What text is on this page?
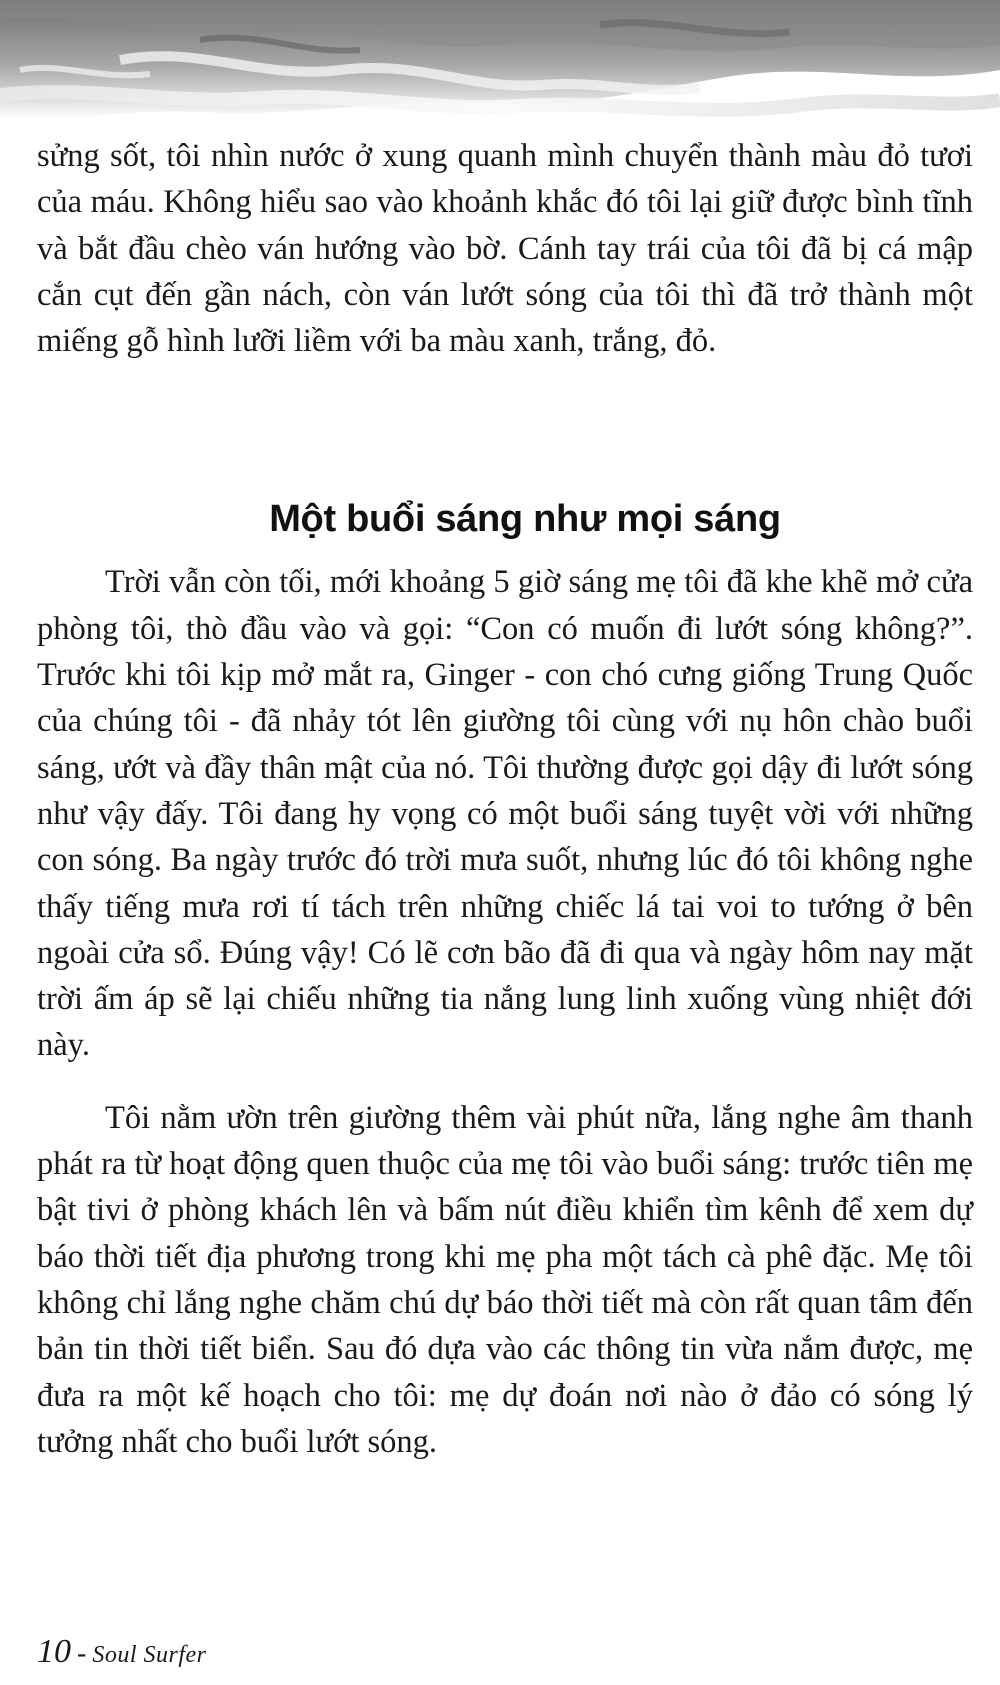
sửng sốt, tôi nhìn nước ở xung quanh mình chuyển thành màu đỏ tươi của máu. Không hiểu sao vào khoảnh khắc đó tôi lại giữ được bình tĩnh và bắt đầu chèo ván hướng vào bờ. Cánh tay trái của tôi đã bị cá mập cắn cụt đến gần nách, còn ván lướt sóng của tôi thì đã trở thành một miếng gỗ hình lưỡi liềm với ba màu xanh, trắng, đỏ.

Một buổi sáng như mọi sáng

Trời vẫn còn tối, mới khoảng 5 giờ sáng mẹ tôi đã khe khẽ mở cửa phòng tôi, thò đầu vào và gọi: “Con có muốn đi lướt sóng không?”. Trước khi tôi kịp mở mắt ra, Ginger - con chó cưng giống Trung Quốc của chúng tôi - đã nhảy tót lên giường tôi cùng với nụ hôn chào buổi sáng, ướt và đầy thân mật của nó. Tôi thường được gọi dậy đi lướt sóng như vậy đấy. Tôi đang hy vọng có một buổi sáng tuyệt vời với những con sóng. Ba ngày trước đó trời mưa suốt, nhưng lúc đó tôi không nghe thấy tiếng mưa rơi tí tách trên những chiếc lá tai voi to tướng ở bên ngoài cửa sổ. Đúng vậy! Có lẽ cơn bão đã đi qua và ngày hôm nay mặt trời ấm áp sẽ lại chiếu những tia nắng lung linh xuống vùng nhiệt đới này.

Tôi nằm ườn trên giường thêm vài phút nữa, lắng nghe âm thanh phát ra từ hoạt động quen thuộc của mẹ tôi vào buổi sáng: trước tiên mẹ bật tivi ở phòng khách lên và bấm nút điều khiển tìm kênh để xem dự báo thời tiết địa phương trong khi mẹ pha một tách cà phê đặc. Mẹ tôi không chỉ lắng nghe chăm chú dự báo thời tiết mà còn rất quan tâm đến bản tin thời tiết biển. Sau đó dựa vào các thông tin vừa nắm được, mẹ đưa ra một kế hoạch cho tôi: mẹ dự đoán nơi nào ở đảo có sóng lý tưởng nhất cho buổi lướt sóng.

10 - Soul Surfer
